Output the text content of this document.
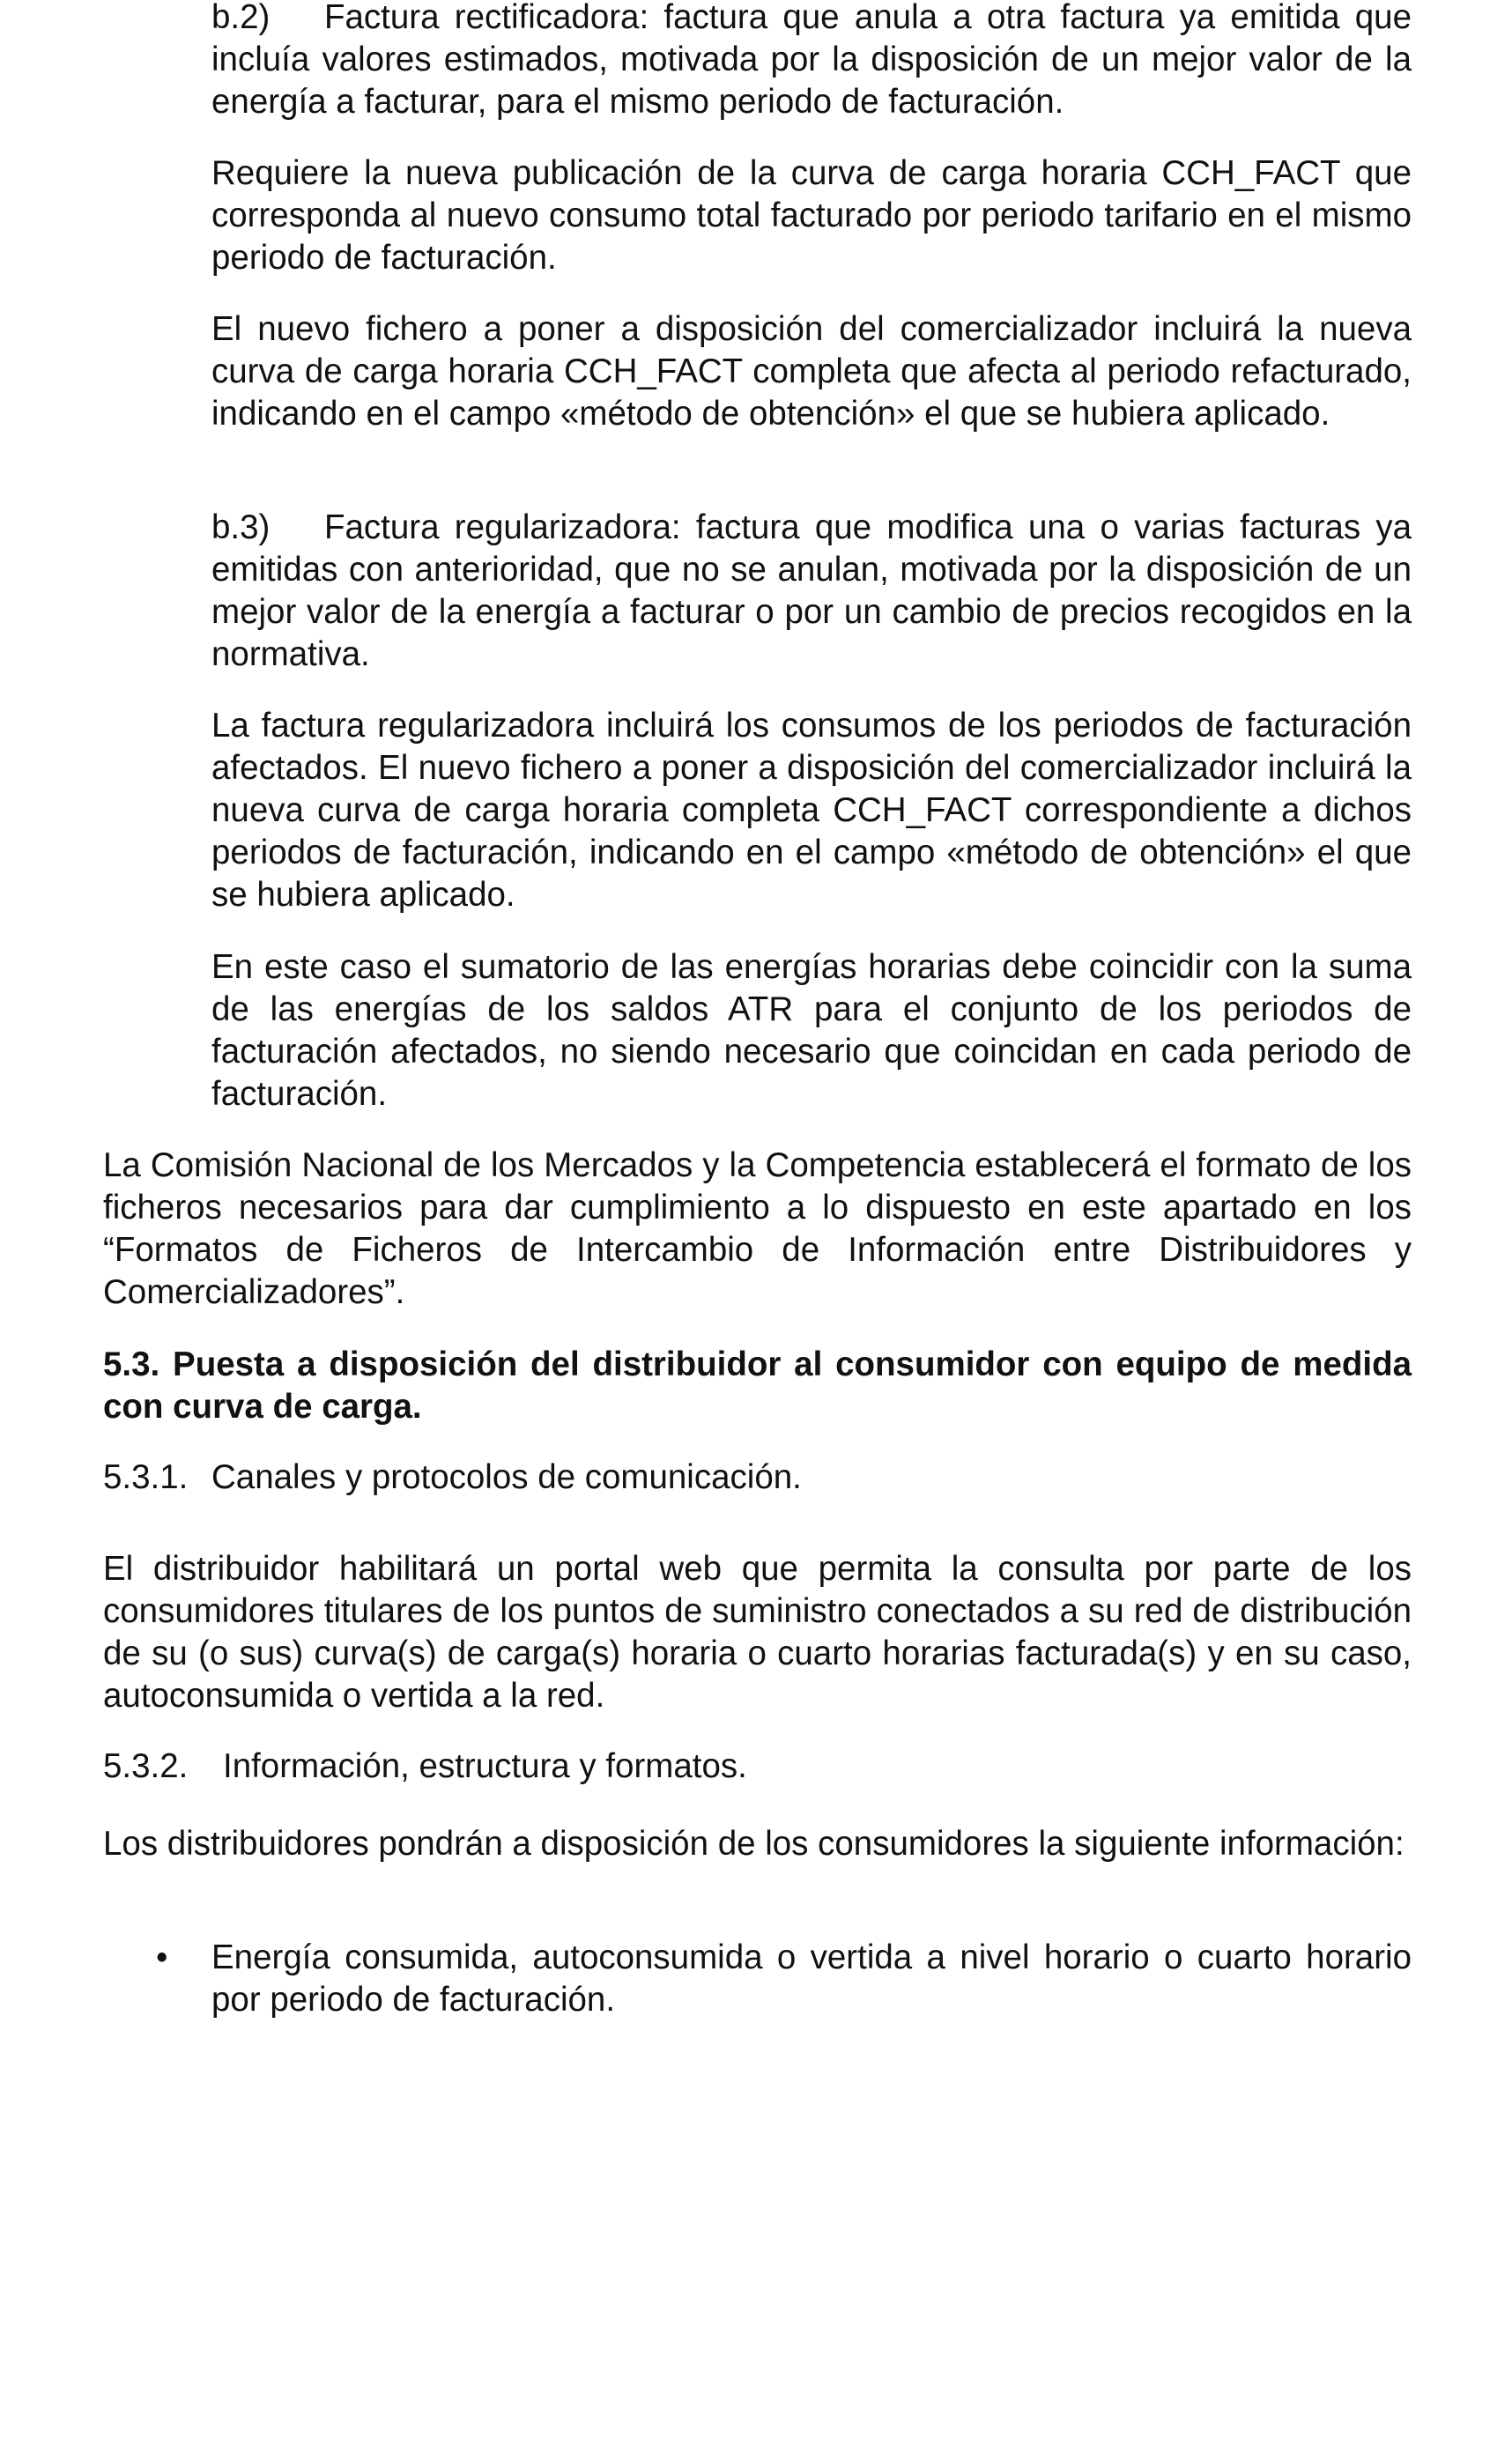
b.2) Factura rectificadora: factura que anula a otra factura ya emitida que incluía valores estimados, motivada por la disposición de un mejor valor de la energía a facturar, para el mismo periodo de facturación.

Requiere la nueva publicación de la curva de carga horaria CCH_FACT que corresponda al nuevo consumo total facturado por periodo tarifario en el mismo periodo de facturación.

El nuevo fichero a poner a disposición del comercializador incluirá la nueva curva de carga horaria CCH_FACT completa que afecta al periodo refacturado, indicando en el campo «método de obtención» el que se hubiera aplicado.

b.3) Factura regularizadora: factura que modifica una o varias facturas ya emitidas con anterioridad, que no se anulan, motivada por la disposición de un mejor valor de la energía a facturar o por un cambio de precios recogidos en la normativa.

La factura regularizadora incluirá los consumos de los periodos de facturación afectados. El nuevo fichero a poner a disposición del comercializador incluirá la nueva curva de carga horaria completa CCH_FACT correspondiente a dichos periodos de facturación, indicando en el campo «método de obtención» el que se hubiera aplicado.

En este caso el sumatorio de las energías horarias debe coincidir con la suma de las energías de los saldos ATR para el conjunto de los periodos de facturación afectados, no siendo necesario que coincidan en cada periodo de facturación.

La Comisión Nacional de los Mercados y la Competencia establecerá el formato de los ficheros necesarios para dar cumplimiento a lo dispuesto en este apartado en los “Formatos de Ficheros de Intercambio de Información entre Distribuidores y Comercializadores”.

5.3. Puesta a disposición del distribuidor al consumidor con equipo de medida con curva de carga.

5.3.1. Canales y protocolos de comunicación.

El distribuidor habilitará un portal web que permita la consulta por parte de los consumidores titulares de los puntos de suministro conectados a su red de distribución de su (o sus) curva(s) de carga(s) horaria o cuarto horarias facturada(s) y en su caso, autoconsumida o vertida a la red.

5.3.2. Información, estructura y formatos.

Los distribuidores pondrán a disposición de los consumidores la siguiente información:

• Energía consumida, autoconsumida o vertida a nivel horario o cuarto horario por periodo de facturación.
